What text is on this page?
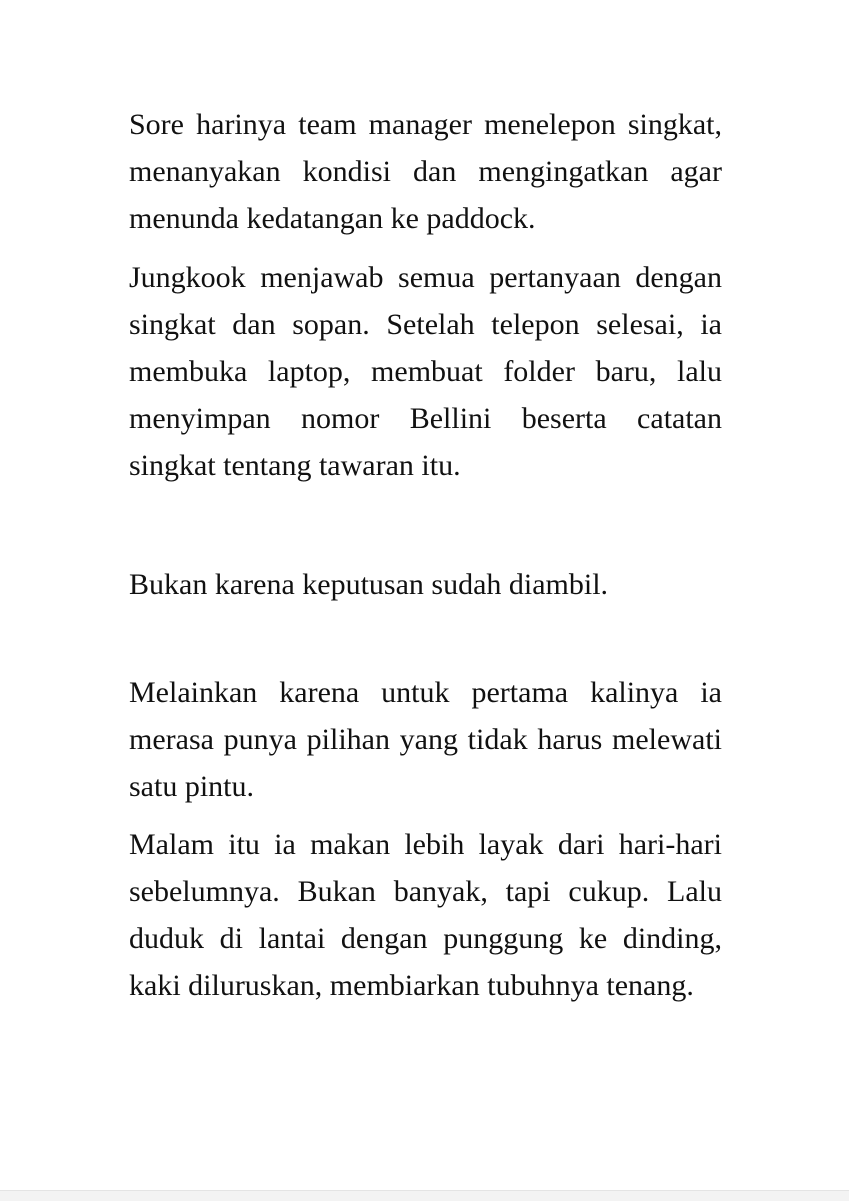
Sore harinya team manager menelepon singkat, menanyakan kondisi dan mengingatkan agar menunda kedatangan ke paddock.

Jungkook menjawab semua pertanyaan dengan singkat dan sopan. Setelah telepon selesai, ia membuka laptop, membuat folder baru, lalu menyimpan nomor Bellini beserta catatan singkat tentang tawaran itu.

Bukan karena keputusan sudah diambil.

Melainkan karena untuk pertama kalinya ia merasa punya pilihan yang tidak harus melewati satu pintu.

Malam itu ia makan lebih layak dari hari-hari sebelumnya. Bukan banyak, tapi cukup. Lalu duduk di lantai dengan punggung ke dinding, kaki diluruskan, membiarkan tubuhnya tenang.
